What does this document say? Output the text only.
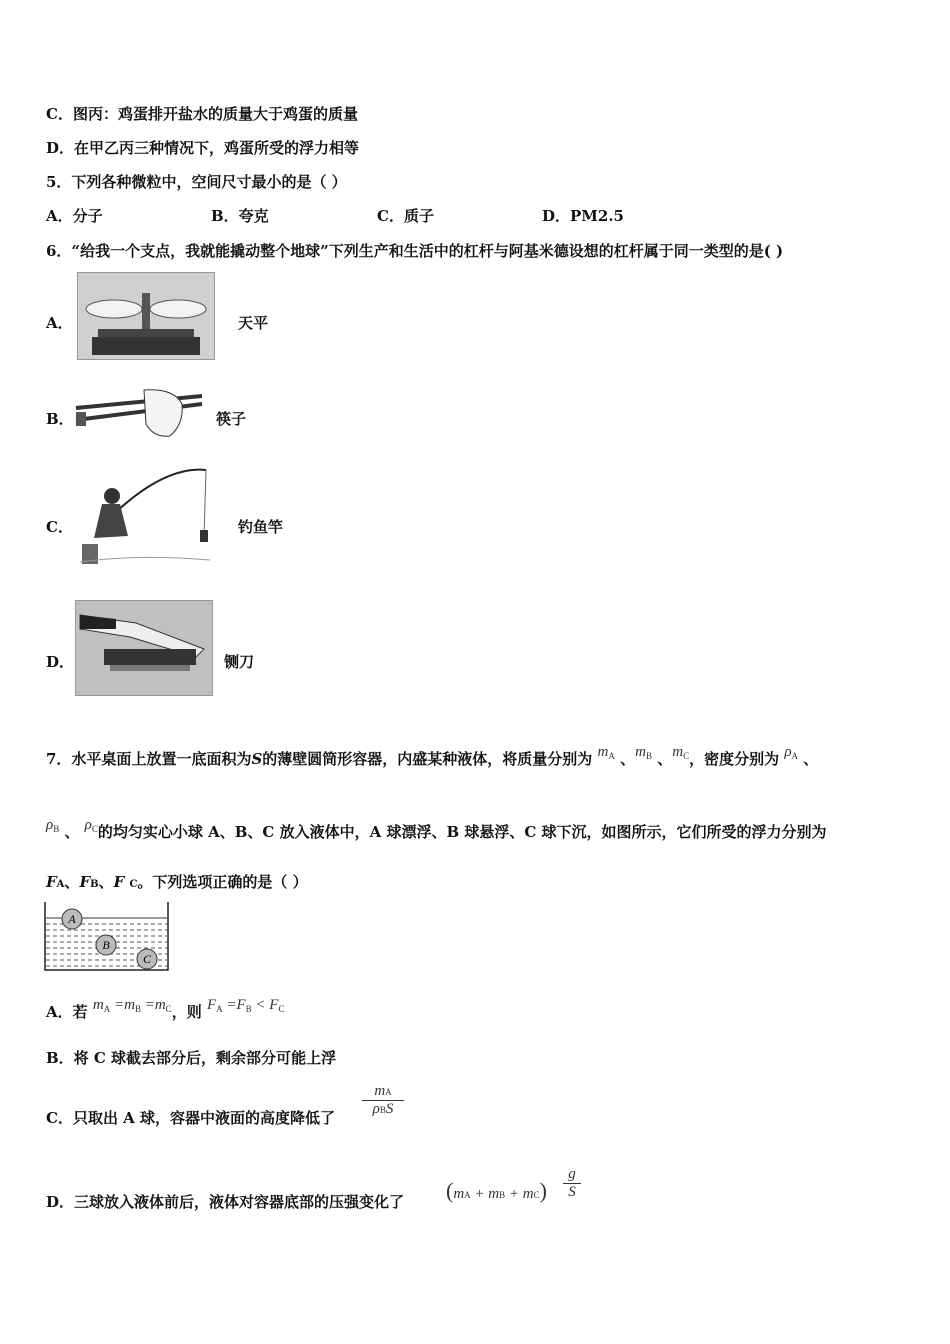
C．图丙：鸡蛋排开盐水的质量大于鸡蛋的质量
D．在甲乙丙三种情况下，鸡蛋所受的浮力相等
5．下列各种微粒中，空间尺寸最小的是（ ）
A．分子	B．夸克	C．质子	D．PM2.5
6．“给我一个支点，我就能撬动整个地球”下列生产和生活中的杠杆与阿基米德设想的杠杆属于同一类型的是( )
A．	天平
B．	筷子
C．	钓鱼竿
D．	铡刀
7．水平桌面上放置一底面积为S的薄壁圆筒形容器，内盛某种液体，将质量分别为 $m_A$ 、$m_B$ 、$m_C$，密度分别为 $\rho_A$ 、
$\rho_B$ 、 $\rho_C$的均匀实心小球 A、B、C 放入液体中，A 球漂浮、B 球悬浮、C 球下沉，如图所示，它们所受的浮力分别为
FA、FB、F C。下列选项正确的是（ ）
A
B
C
A．若 $m_A =m_B =m_C$，则 $F_A =F_B < F_C$
B．将 C 球截去部分后，剩余部分可能上浮
C．只取出 A 球，容器中液面的高度降低了
mA
ρBS
D．三球放入液体前后，液体对容器底部的压强变化了 (mA + mB + $mC) \frac{g}{S}$
